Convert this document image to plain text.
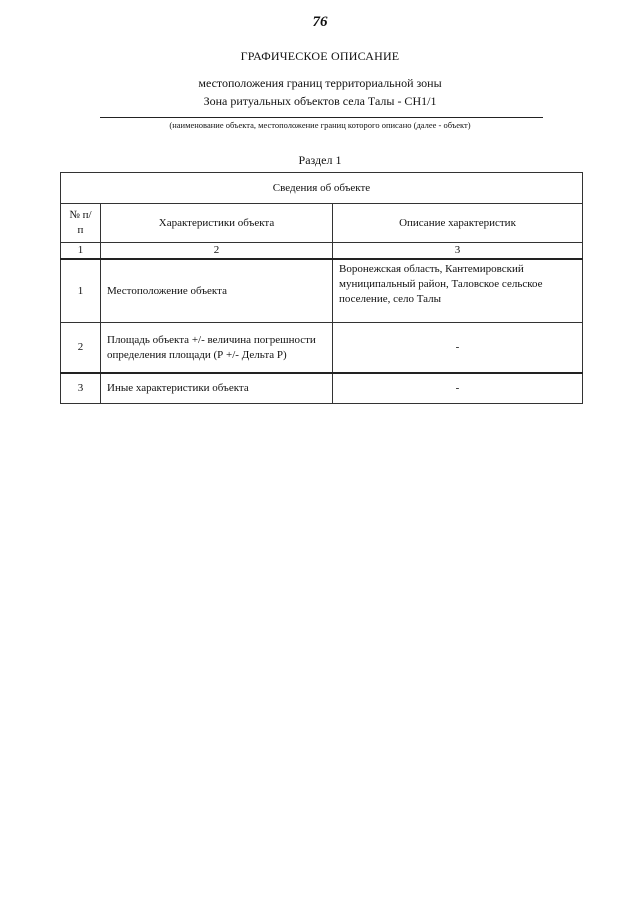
76
ГРАФИЧЕСКОЕ ОПИСАНИЕ
местоположения границ территориальной зоны
Зона ритуальных объектов села Талы - СН1/1
(наименование объекта, местоположение границ которого описано (далее - объект)
Раздел 1
Сведения об объекте		
№ п/п	Характеристики объекта	Описание характеристик
1	2	3
1	Местоположение объекта	Воронежская область, Кантемировский муниципальный район, Таловское сельское поселение, село Талы
2	Площадь объекта +/- величина погрешности определения площади (Р +/- Дельта Р)	-
3	Иные характеристики объекта	-
